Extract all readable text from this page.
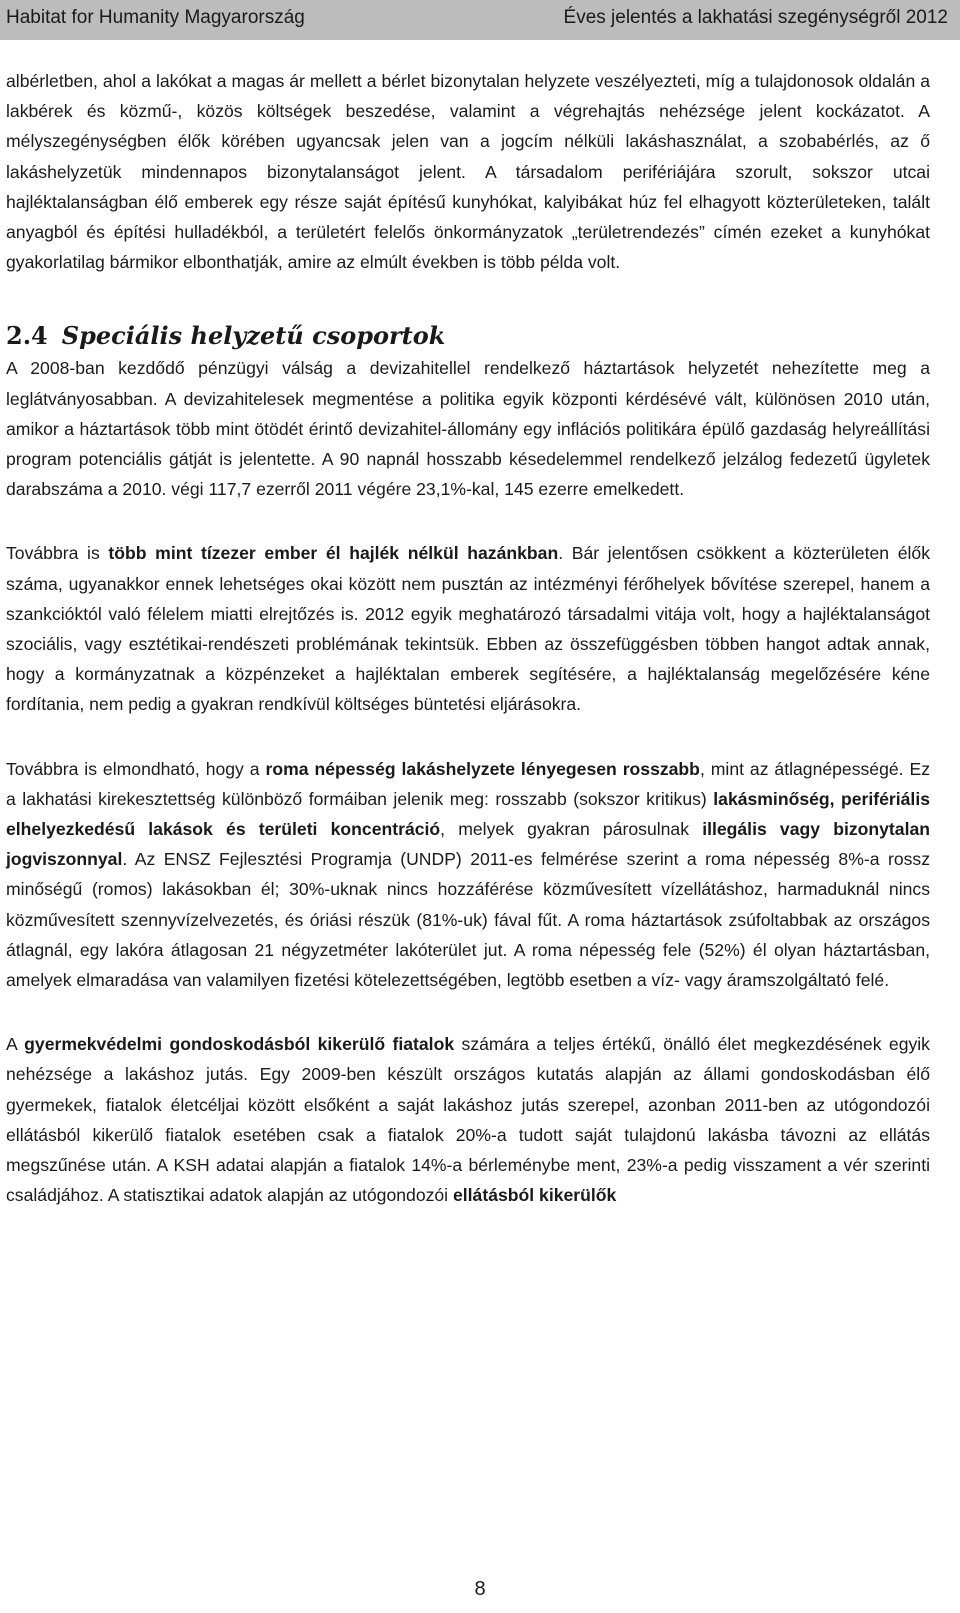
Habitat for Humanity Magyarország	Éves jelentés a lakhatási szegénységről 2012

albérletben, ahol a lakókat a magas ár mellett a bérlet bizonytalan helyzete veszélyezteti, míg a tulajdonosok oldalán a lakbérek és közmű-, közös költségek beszedése, valamint a végrehajtás nehézsége jelent kockázatot. A mélyszegénységben élők körében ugyancsak jelen van a jogcím nélküli lakáshasználat, a szobabérlés, az ő lakáshelyzetük mindennapos bizonytalanságot jelent. A társadalom perifériájára szorult, sokszor utcai hajléktalanságban élő emberek egy része saját építésű kunyhókat, kalyibákat húz fel elhagyott közterületeken, talált anyagból és építési hulladékból, a területért felelős önkormányzatok „területrendezés” címén ezeket a kunyhókat gyakorlatilag bármikor elbonthatják, amire az elmúlt években is több példa volt.

2.4 Speciális helyzetű csoportok

A 2008-ban kezdődő pénzügyi válság a devizahitellel rendelkező háztartások helyzetét nehezítette meg a leglátványosabban. A devizahitelesek megmentése a politika egyik központi kérdésévé vált, különösen 2010 után, amikor a háztartások több mint ötödét érintő devizahitel-állomány egy inflációs politikára épülő gazdaság helyreállítási program potenciális gátját is jelentette. A 90 napnál hosszabb késedelemmel rendelkező jelzálog fedezetű ügyletek darabszáma a 2010. végi 117,7 ezerről 2011 végére 23,1%-kal, 145 ezerre emelkedett.

Továbbra is több mint tízezer ember él hajlék nélkül hazánkban. Bár jelentősen csökkent a közterületen élők száma, ugyanakkor ennek lehetséges okai között nem pusztán az intézményi férőhelyek bővítése szerepel, hanem a szankcióktól való félelem miatti elrejtőzés is. 2012 egyik meghatározó társadalmi vitája volt, hogy a hajléktalanságot szociális, vagy esztétikai-rendészeti problémának tekintsük. Ebben az összefüggésben többen hangot adtak annak, hogy a kormányzatnak a közpénzeket a hajléktalan emberek segítésére, a hajléktalanság megelőzésére kéne fordítania, nem pedig a gyakran rendkívül költséges büntetési eljárásokra.

Továbbra is elmondható, hogy a roma népesség lakáshelyzete lényegesen rosszabb, mint az átlagnépességé. Ez a lakhatási kirekesztettség különböző formáiban jelenik meg: rosszabb (sokszor kritikus) lakásminőség, perifériális elhelyezkedésű lakások és területi koncentráció, melyek gyakran párosulnak illegális vagy bizonytalan jogviszonnyal. Az ENSZ Fejlesztési Programja (UNDP) 2011-es felmérése szerint a roma népesség 8%-a rossz minőségű (romos) lakásokban él; 30%-uknak nincs hozzáférése közművesített vízellátáshoz, harmaduknál nincs közművesített szennyvízelvezetés, és óriási részük (81%-uk) fával fűt. A roma háztartások zsúfoltabbak az országos átlagnál, egy lakóra átlagosan 21 négyzetméter lakóterület jut. A roma népesség fele (52%) él olyan háztartásban, amelyek elmaradása van valamilyen fizetési kötelezettségében, legtöbb esetben a víz- vagy áramszolgáltató felé.

A gyermekvédelmi gondoskodásból kikerülő fiatalok számára a teljes értékű, önálló élet megkezdésének egyik nehézsége a lakáshoz jutás. Egy 2009-ben készült országos kutatás alapján az állami gondoskodásban élő gyermekek, fiatalok életcéljai között elsőként a saját lakáshoz jutás szerepel, azonban 2011-ben az utógondozói ellátásból kikerülő fiatalok esetében csak a fiatalok 20%-a tudott saját tulajdonú lakásba távozni az ellátás megszűnése után. A KSH adatai alapján a fiatalok 14%-a bérleménybe ment, 23%-a pedig visszament a vér szerinti családjához. A statisztikai adatok alapján az utógondozói ellátásból kikerülők

8
